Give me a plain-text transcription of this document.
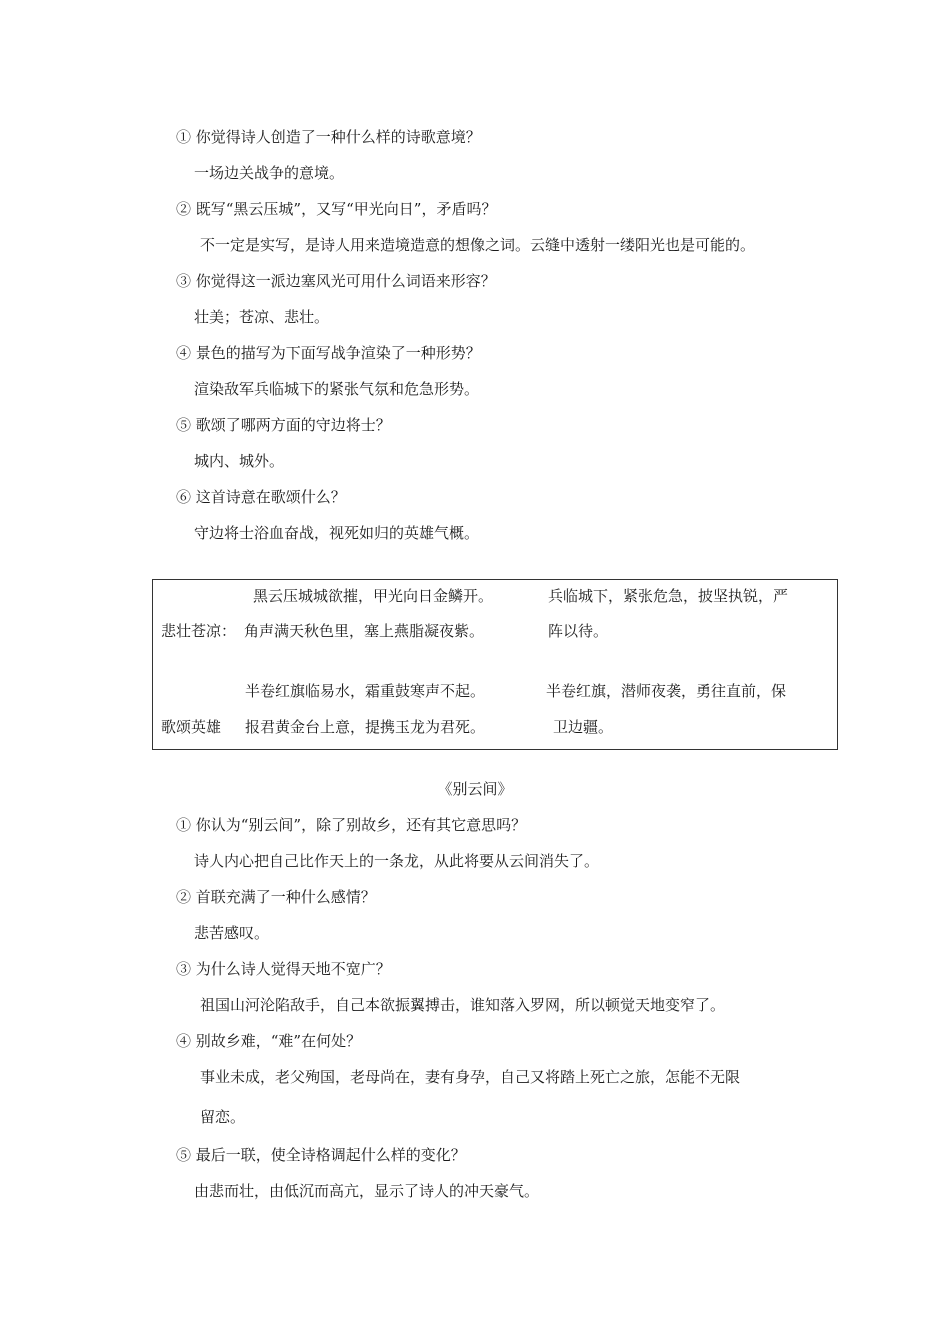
① 你觉得诗人创造了一种什么样的诗歌意境？
一场边关战争的意境。
② 既写“黑云压城”，又写“甲光向日”，矛盾吗？
不一定是实写，是诗人用来造境造意的想像之词。云缝中透射一缕阳光也是可能的。
③ 你觉得这一派边塞风光可用什么词语来形容？
壮美；苍凉、悲壮。
④ 景色的描写为下面写战争渲染了一种形势？
渲染敌军兵临城下的紧张气氛和危急形势。
⑤ 歌颂了哪两方面的守边将士？
城内、城外。
⑥ 这首诗意在歌颂什么？
守边将士浴血奋战，视死如归的英雄气概。
黑云压城城欲摧，甲光向日金鳞开。
悲壮苍凉： 角声满天秋色里，塞上燕脂凝夜紫。
兵临城下，紧张危急，披坚执锐，严
阵以待。
半卷红旗临易水，霜重鼓寒声不起。
歌颂英雄 报君黄金台上意，提携玉龙为君死。
半卷红旗，潜师夜袭，勇往直前，保
卫边疆。
《别云间》
① 你认为“别云间”，除了别故乡，还有其它意思吗？
诗人内心把自己比作天上的一条龙，从此将要从云间消失了。
② 首联充满了一种什么感情？
悲苦感叹。
③ 为什么诗人觉得天地不宽广？
祖国山河沦陷敌手，自己本欲振翼搏击，谁知落入罗网，所以顿觉天地变窄了。
④ 别故乡难，“难”在何处？
事业未成，老父殉国，老母尚在，妻有身孕，自己又将踏上死亡之旅，怎能不无限
留恋。
⑤ 最后一联，使全诗格调起什么样的变化？
由悲而壮，由低沉而高亢，显示了诗人的冲天豪气。
